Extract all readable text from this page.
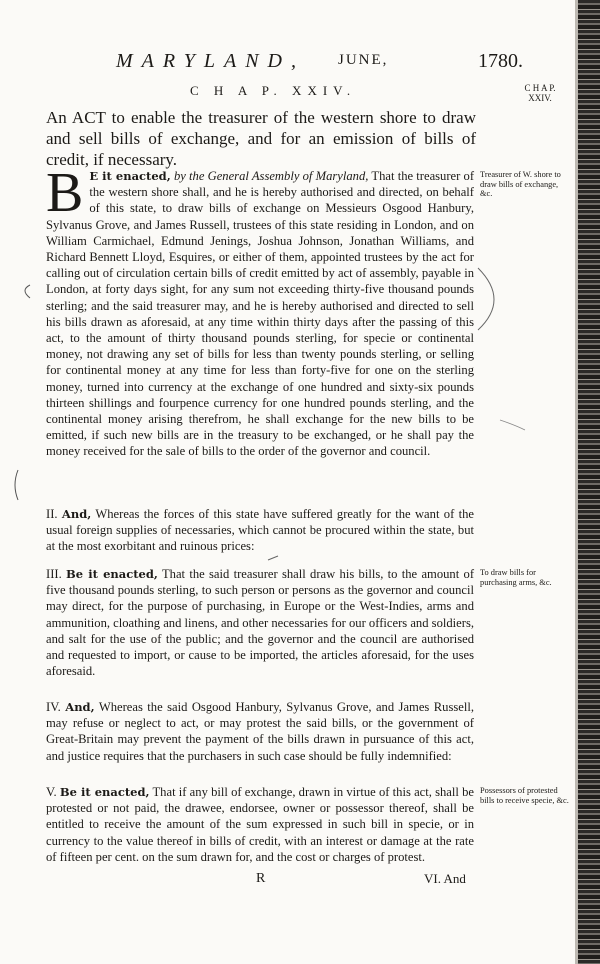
MARYLAND, JUNE,	1780.
C H A P. XXIV.	C H A P.
XXIV.
An ACT to enable the treasurer of the western shore to draw and sell bills of exchange, and for an emission of bills of credit, if necessary.
B E it enacted, by the General Assembly of Maryland, That the treasurer of the western shore shall, and he is hereby authorised and directed, on behalf of this state, to draw bills of exchange on Messieurs Osgood Hanbury, Sylvanus Grove, and James Russell, trustees of this state residing in London, and on William Carmichael, Edmund Jenings, Joshua Johnson, Jonathan Williams, and Richard Bennett Lloyd, Esquires, or either of them, appointed trustees by the act for calling out of circulation certain bills of credit emitted by act of assembly, payable in London, at forty days sight, for any sum not exceeding thirty-five thousand pounds sterling; and the said treasurer may, and he is hereby authorised and directed to sell his bills drawn as aforesaid, at any time within thirty days after the passing of this act, to the amount of thirty thousand pounds sterling, for specie or continental money, not drawing any set of bills for less than twenty pounds sterling, or selling for continental money at any time for less than forty-five for one on the sterling money, turned into currency at the exchange of one hundred and sixty-six pounds thirteen shillings and fourpence currency for one hundred pounds sterling, and the continental money arising therefrom, he shall exchange for the new bills to be emitted, if such new bills are in the treasury to be exchanged, or he shall pay the money received for the sale of bills to the order of the governor and council.
II. And, Whereas the forces of this state have suffered greatly for the want of the usual foreign supplies of necessaries, which cannot be procured within the state, but at the most exorbitant and ruinous prices:
III. Be it enacted, That the said treasurer shall draw his bills, to the amount of five thousand pounds sterling, to such person or persons as the governor and council may direct, for the purpose of purchasing, in Europe or the West-Indies, arms and ammunition, cloathing and linens, and other necessaries for our officers and soldiers, and salt for the use of the public; and the governor and the council are authorised and requested to import, or cause to be imported, the articles aforesaid, for the uses aforesaid.
IV. And, Whereas the said Osgood Hanbury, Sylvanus Grove, and James Russell, may refuse or neglect to act, or may protest the said bills, or the government of Great-Britain may prevent the payment of the bills drawn in pursuance of this act, and justice requires that the purchasers in such case should be fully indemnified:
V. Be it enacted, That if any bill of exchange, drawn in virtue of this act, shall be protested or not paid, the drawee, endorsee, owner or possessor thereof, shall be entitled to receive the amount of the sum expressed in such bill in specie, or in currency to the value thereof in bills of credit, with an interest or damage at the rate of fifteen per cent. on the sum drawn for, and the cost or charges of protest.
Treasurer of W. shore to draw bills of exchange, &c.
To draw bills for purchasing arms, &c.
Possessors of protested bills to receive specie, &c.
R	VI. And
